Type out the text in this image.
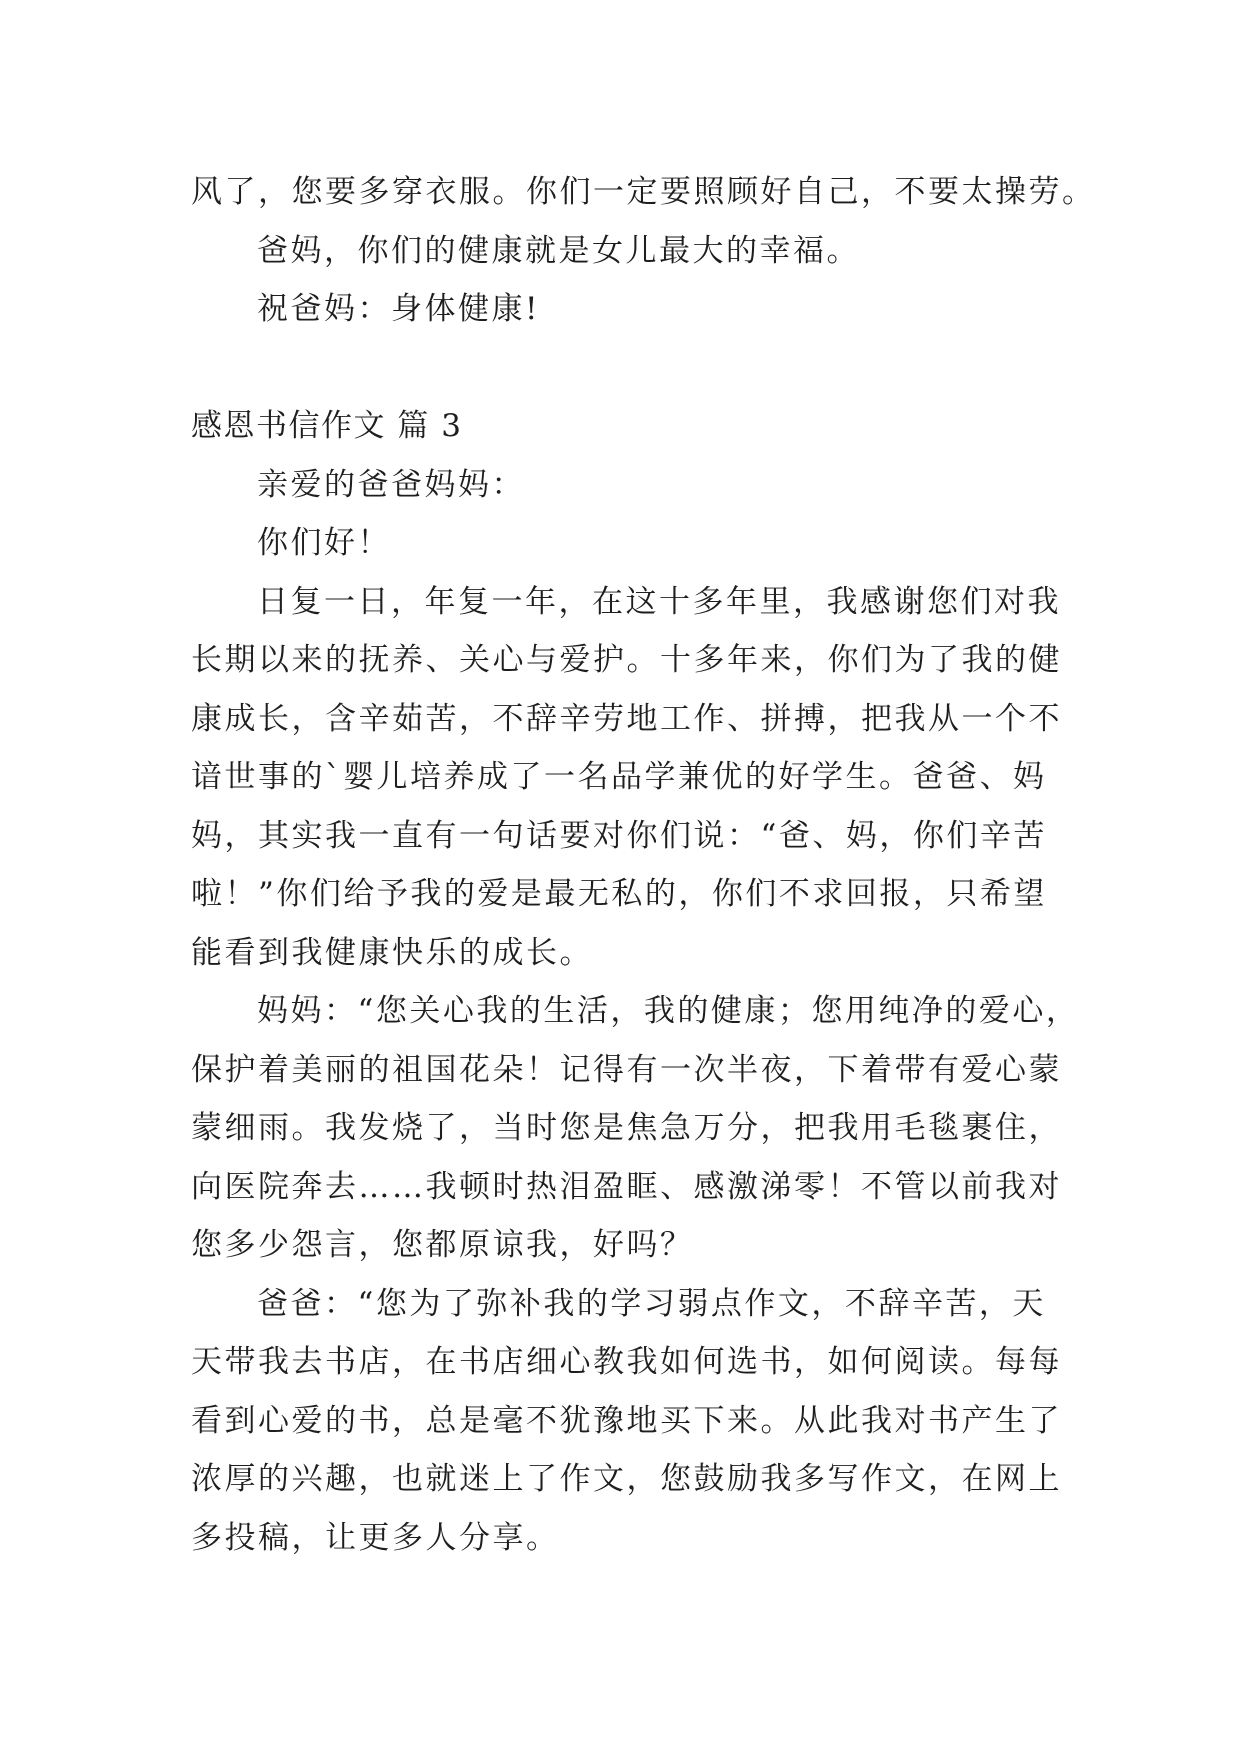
风了，您要多穿衣服。你们一定要照顾好自己，不要太操劳。
爸妈，你们的健康就是女儿最大的幸福。
祝爸妈：身体健康!
感恩书信作文 篇 3
亲爱的爸爸妈妈：
你们好！
日复一日，年复一年，在这十多年里，我感谢您们对我
长期以来的抚养、关心与爱护。十多年来，你们为了我的健
康成长，含辛茹苦，不辞辛劳地工作、拼搏，把我从一个不
谙世事的`婴儿培养成了一名品学兼优的好学生。爸爸、妈
妈，其实我一直有一句话要对你们说：“爸、妈，你们辛苦
啦！”你们给予我的爱是最无私的，你们不求回报，只希望
能看到我健康快乐的成长。
妈妈：“您关心我的生活，我的健康；您用纯净的爱心，
保护着美丽的祖国花朵！记得有一次半夜，下着带有爱心蒙
蒙细雨。我发烧了，当时您是焦急万分，把我用毛毯裹住，
向医院奔去……我顿时热泪盈眶、感激涕零！不管以前我对
您多少怨言，您都原谅我，好吗？
爸爸：“您为了弥补我的学习弱点作文，不辞辛苦，天
天带我去书店，在书店细心教我如何选书，如何阅读。每每
看到心爱的书，总是毫不犹豫地买下来。从此我对书产生了
浓厚的兴趣，也就迷上了作文，您鼓励我多写作文，在网上
多投稿，让更多人分享。
